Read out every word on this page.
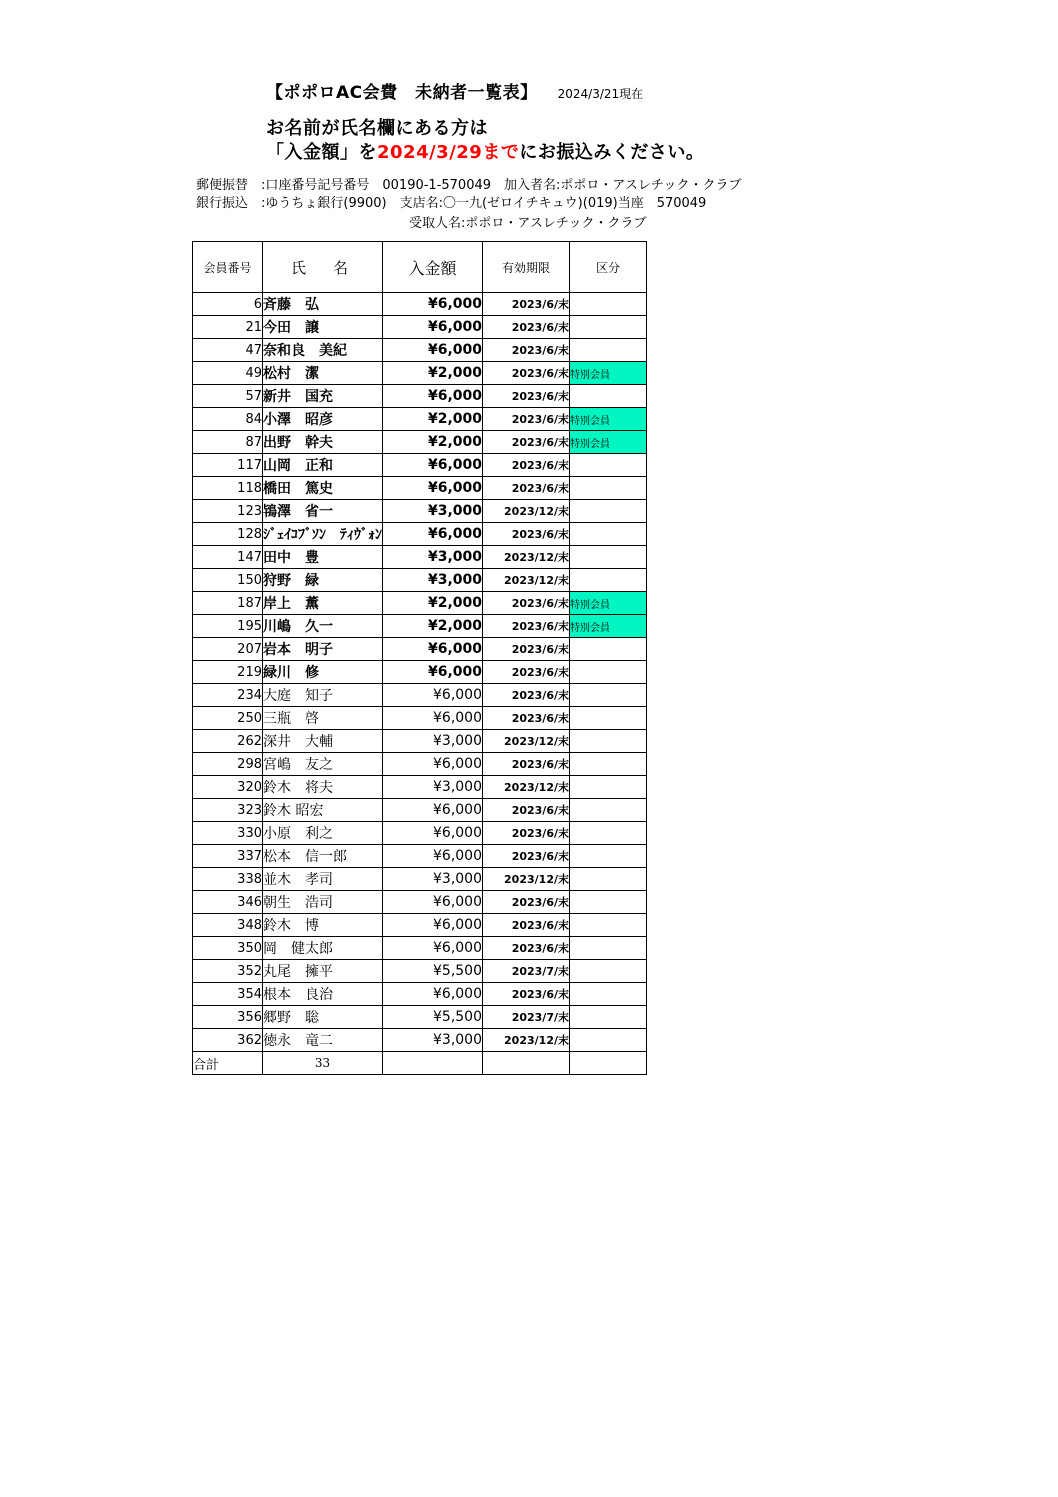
【ポポロAC会費　未納者一覧表】 2024/3/21現在
お名前が氏名欄にある方は
「入金額」を2024/3/29までにお振込みください。
郵便振替　:口座番号記号番号　00190-1-570049　加入者名:ポポロ・アスレチック・クラブ
銀行振込　:ゆうちょ銀行(9900)　支店名:〇一九(ゼロイチキュウ)(019)当座　570049
受取人名:ポポロ・アスレチック・クラブ
会員番号	氏　名	入金額	有効期限	区分
6	斉藤　弘	¥6,000	2023/6/末	
21	今田　譲	¥6,000	2023/6/末	
47	奈和良　美紀	¥6,000	2023/6/末	
49	松村　潔	¥2,000	2023/6/末	特別会員
57	新井　国充	¥6,000	2023/6/末	
84	小澤　昭彦	¥2,000	2023/6/末	特別会員
87	出野　幹夫	¥2,000	2023/6/末	特別会員
117	山岡　正和	¥6,000	2023/6/末	
118	橋田　篤史	¥6,000	2023/6/末	
123	鴇澤　省一	¥3,000	2023/12/末	
128	ｼﾞｪｲｺﾌﾞｿﾝ　ﾃｨｳﾞｫﾝ	¥6,000	2023/6/末	
147	田中　豊	¥3,000	2023/12/末	
150	狩野　緑	¥3,000	2023/12/末	
187	岸上　薫	¥2,000	2023/6/末	特別会員
195	川嶋　久一	¥2,000	2023/6/末	特別会員
207	岩本　明子	¥6,000	2023/6/末	
219	緑川　修	¥6,000	2023/6/末	
234	大庭　知子	¥6,000	2023/6/末	
250	三瓶　啓	¥6,000	2023/6/末	
262	深井　大輔	¥3,000	2023/12/末	
298	宮嶋　友之	¥6,000	2023/6/末	
320	鈴木　将夫	¥3,000	2023/12/末	
323	鈴木 昭宏	¥6,000	2023/6/末	
330	小原　利之	¥6,000	2023/6/末	
337	松本　信一郎	¥6,000	2023/6/末	
338	並木　孝司	¥3,000	2023/12/末	
346	朝生　浩司	¥6,000	2023/6/末	
348	鈴木　博	¥6,000	2023/6/末	
350	岡　健太郎	¥6,000	2023/6/末	
352	丸尾　擁平	¥5,500	2023/7/末	
354	根本　良治	¥6,000	2023/6/末	
356	郷野　聡	¥5,500	2023/7/末	
362	徳永　竜二	¥3,000	2023/12/末	
合計	33			
